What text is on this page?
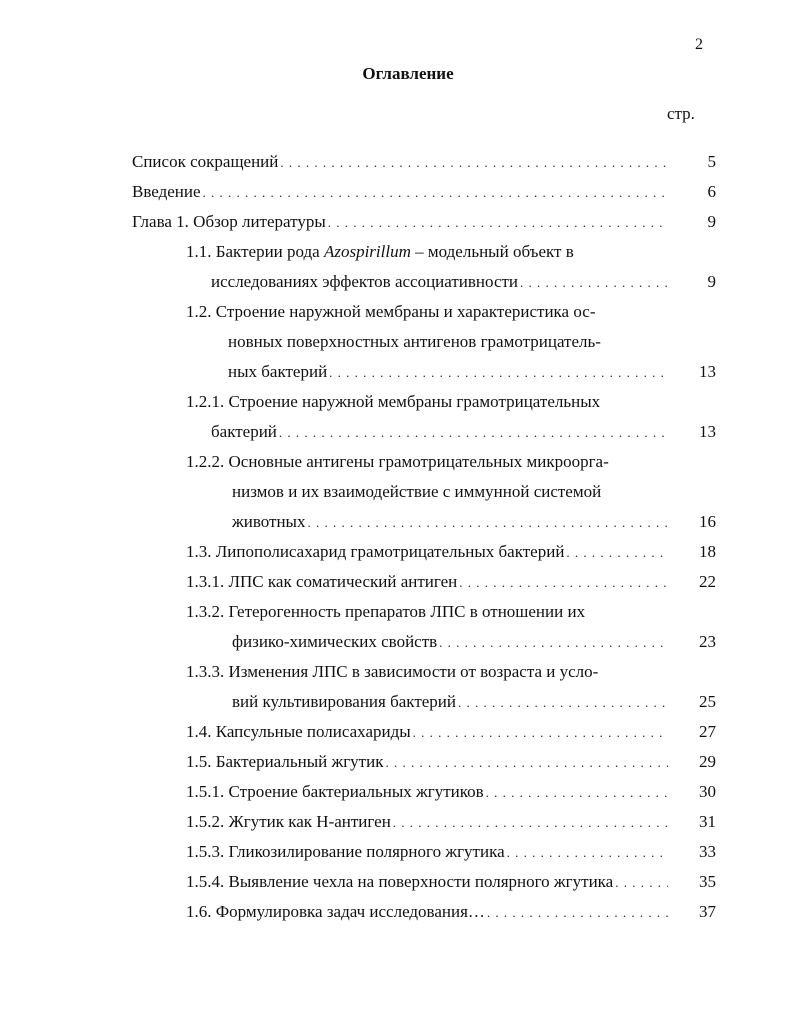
2
Оглавление
стр.
Список сокращений . . .	5
Введение . . .	6
Глава 1. Обзор литературы . . .	9
1.1. Бактерии рода Azospirillum – модельный объект в
исследованиях эффектов ассоциативности . . .	9
1.2. Строение наружной мембраны и характеристика ос-
новных поверхностных антигенов грамотрицатель-
ных бактерий . . .	13
1.2.1. Строение наружной мембраны грамотрицательных
бактерий . . .	13
1.2.2. Основные антигены грамотрицательных микроорга-
низмов и их взаимодействие с иммунной системой
животных . . .	16
1.3. Липополисахарид грамотрицательных бактерий . . .	18
1.3.1. ЛПС как соматический антиген . . .	22
1.3.2. Гетерогенность препаратов ЛПС в отношении их
физико-химических свойств . . .	23
1.3.3. Изменения ЛПС в зависимости от возраста и усло-
вий культивирования бактерий . . .	25
1.4. Капсульные полисахариды . . .	27
1.5. Бактериальный жгутик . . .	29
1.5.1. Строение бактериальных жгутиков . . .	30
1.5.2. Жгутик как Н-антиген . . .	31
1.5.3. Гликозилирование полярного жгутика . . .	33
1.5.4. Выявление чехла на поверхности полярного жгутика . . .	35
1.6. Формулировка задач исследования… . . .	37
